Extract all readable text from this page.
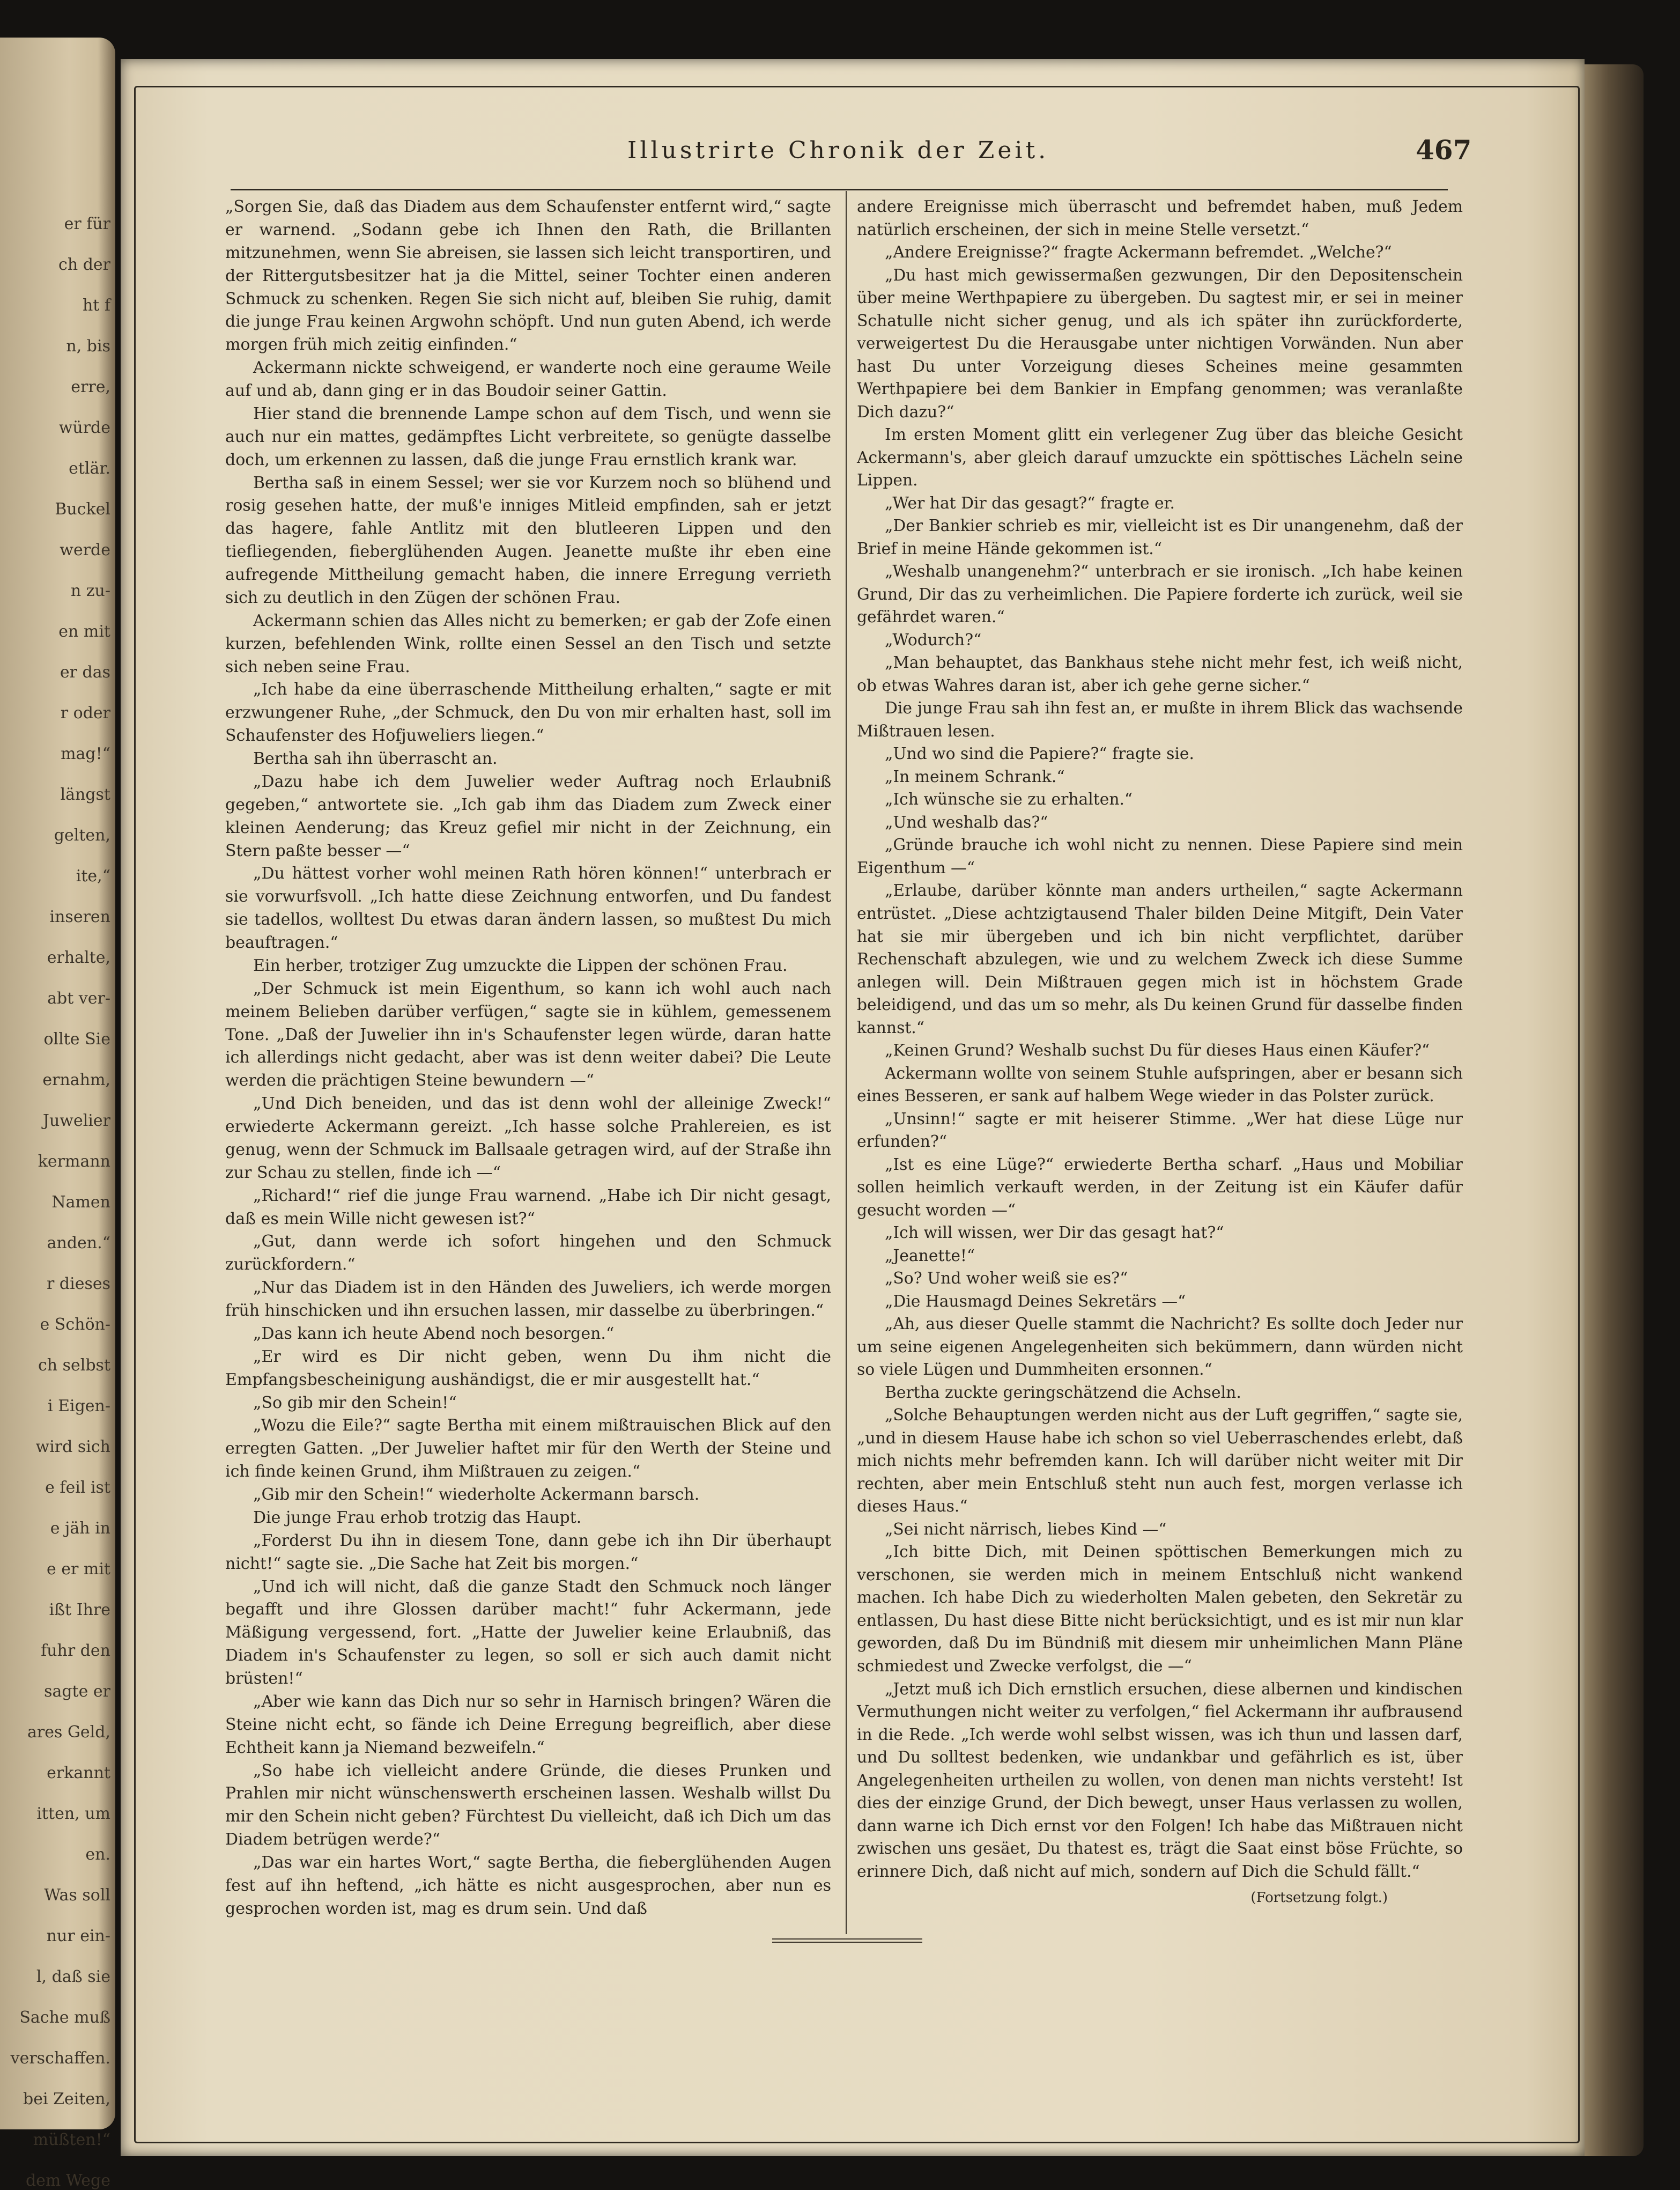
er für
ch der
ht f
n, bis
erre,
würde
etlär.
Buckel
werde
n zu-
en mit
er das
r oder
mag!“
längst
gelten,
ite,“
inseren
erhalte,
abt ver-
ollte Sie
ernahm,
Juwelier
kermann
Namen
anden.“
r dieses
e Schön-
ch selbst
i Eigen-
wird sich
e feil ist
e jäh in
e er mit
ißt Ihre
fuhr den
sagte er
ares Geld,
erkannt
itten, um
en.
Was soll
nur ein-
l, daß sie
Sache muß
verschaffen.
bei Zeiten,
müßten!“
dem Wege
Illustrirte Chronik der Zeit.	467

„Sorgen Sie, daß das Diadem aus dem Schaufenster entfernt wird,“ sagte er warnend. „Sodann gebe ich Ihnen den Rath, die Brillanten mitzunehmen, wenn Sie abreisen, sie lassen sich leicht transportiren, und der Rittergutsbesitzer hat ja die Mittel, seiner Tochter einen anderen Schmuck zu schenken. Regen Sie sich nicht auf, bleiben Sie ruhig, damit die junge Frau keinen Argwohn schöpft. Und nun guten Abend, ich werde morgen früh mich zeitig einfinden.“

Ackermann nickte schweigend, er wanderte noch eine geraume Weile auf und ab, dann ging er in das Boudoir seiner Gattin.

Hier stand die brennende Lampe schon auf dem Tisch, und wenn sie auch nur ein mattes, gedämpftes Licht verbreitete, so genügte dasselbe doch, um erkennen zu lassen, daß die junge Frau ernstlich krank war.

Bertha saß in einem Sessel; wer sie vor Kurzem noch so blühend und rosig gesehen hatte, der muß'e inniges Mitleid empfinden, sah er jetzt das hagere, fahle Antlitz mit den blutleeren Lippen und den tiefliegenden, fieberglühenden Augen. Jeanette mußte ihr eben eine aufregende Mittheilung gemacht haben, die innere Erregung verrieth sich zu deutlich in den Zügen der schönen Frau.

Ackermann schien das Alles nicht zu bemerken; er gab der Zofe einen kurzen, befehlenden Wink, rollte einen Sessel an den Tisch und setzte sich neben seine Frau.

„Ich habe da eine überraschende Mittheilung erhalten,“ sagte er mit erzwungener Ruhe, „der Schmuck, den Du von mir erhalten hast, soll im Schaufenster des Hofjuweliers liegen.“

Bertha sah ihn überrascht an.

„Dazu habe ich dem Juwelier weder Auftrag noch Erlaubniß gegeben,“ antwortete sie. „Ich gab ihm das Diadem zum Zweck einer kleinen Aenderung; das Kreuz gefiel mir nicht in der Zeichnung, ein Stern paßte besser —“

„Du hättest vorher wohl meinen Rath hören können!“ unterbrach er sie vorwurfsvoll. „Ich hatte diese Zeichnung entworfen, und Du fandest sie tadellos, wolltest Du etwas daran ändern lassen, so mußtest Du mich beauftragen.“

Ein herber, trotziger Zug umzuckte die Lippen der schönen Frau.

„Der Schmuck ist mein Eigenthum, so kann ich wohl auch nach meinem Belieben darüber verfügen,“ sagte sie in kühlem, gemessenem Tone. „Daß der Juwelier ihn in's Schaufenster legen würde, daran hatte ich allerdings nicht gedacht, aber was ist denn weiter dabei? Die Leute werden die prächtigen Steine bewundern —“

„Und Dich beneiden, und das ist denn wohl der alleinige Zweck!“ erwiederte Ackermann gereizt. „Ich hasse solche Prahlereien, es ist genug, wenn der Schmuck im Ballsaale getragen wird, auf der Straße ihn zur Schau zu stellen, finde ich —“

„Richard!“ rief die junge Frau warnend. „Habe ich Dir nicht gesagt, daß es mein Wille nicht gewesen ist?“

„Gut, dann werde ich sofort hingehen und den Schmuck zurückfordern.“

„Nur das Diadem ist in den Händen des Juweliers, ich werde morgen früh hinschicken und ihn ersuchen lassen, mir dasselbe zu überbringen.“

„Das kann ich heute Abend noch besorgen.“

„Er wird es Dir nicht geben, wenn Du ihm nicht die Empfangsbescheinigung aushändigst, die er mir ausgestellt hat.“

„So gib mir den Schein!“

„Wozu die Eile?“ sagte Bertha mit einem mißtrauischen Blick auf den erregten Gatten. „Der Juwelier haftet mir für den Werth der Steine und ich finde keinen Grund, ihm Mißtrauen zu zeigen.“

„Gib mir den Schein!“ wiederholte Ackermann barsch.

Die junge Frau erhob trotzig das Haupt.

„Forderst Du ihn in diesem Tone, dann gebe ich ihn Dir überhaupt nicht!“ sagte sie. „Die Sache hat Zeit bis morgen.“

„Und ich will nicht, daß die ganze Stadt den Schmuck noch länger begafft und ihre Glossen darüber macht!“ fuhr Ackermann, jede Mäßigung vergessend, fort. „Hatte der Juwelier keine Erlaubniß, das Diadem in's Schaufenster zu legen, so soll er sich auch damit nicht brüsten!“

„Aber wie kann das Dich nur so sehr in Harnisch bringen? Wären die Steine nicht echt, so fände ich Deine Erregung begreiflich, aber diese Echtheit kann ja Niemand bezweifeln.“

„So habe ich vielleicht andere Gründe, die dieses Prunken und Prahlen mir nicht wünschenswerth erscheinen lassen. Weshalb willst Du mir den Schein nicht geben? Fürchtest Du vielleicht, daß ich Dich um das Diadem betrügen werde?“

„Das war ein hartes Wort,“ sagte Bertha, die fieberglühenden Augen fest auf ihn heftend, „ich hätte es nicht ausgesprochen, aber nun es gesprochen worden ist, mag es drum sein. Und daß

andere Ereignisse mich überrascht und befremdet haben, muß Jedem natürlich erscheinen, der sich in meine Stelle versetzt.“

„Andere Ereignisse?“ fragte Ackermann befremdet. „Welche?“

„Du hast mich gewissermaßen gezwungen, Dir den Depositenschein über meine Werthpapiere zu übergeben. Du sagtest mir, er sei in meiner Schatulle nicht sicher genug, und als ich später ihn zurückforderte, verweigertest Du die Herausgabe unter nichtigen Vorwänden. Nun aber hast Du unter Vorzeigung dieses Scheines meine gesammten Werthpapiere bei dem Bankier in Empfang genommen; was veranlaßte Dich dazu?“

Im ersten Moment glitt ein verlegener Zug über das bleiche Gesicht Ackermann's, aber gleich darauf umzuckte ein spöttisches Lächeln seine Lippen.

„Wer hat Dir das gesagt?“ fragte er.

„Der Bankier schrieb es mir, vielleicht ist es Dir unangenehm, daß der Brief in meine Hände gekommen ist.“

„Weshalb unangenehm?“ unterbrach er sie ironisch. „Ich habe keinen Grund, Dir das zu verheimlichen. Die Papiere forderte ich zurück, weil sie gefährdet waren.“

„Wodurch?“

„Man behauptet, das Bankhaus stehe nicht mehr fest, ich weiß nicht, ob etwas Wahres daran ist, aber ich gehe gerne sicher.“

Die junge Frau sah ihn fest an, er mußte in ihrem Blick das wachsende Mißtrauen lesen.

„Und wo sind die Papiere?“ fragte sie.

„In meinem Schrank.“

„Ich wünsche sie zu erhalten.“

„Und weshalb das?“

„Gründe brauche ich wohl nicht zu nennen. Diese Papiere sind mein Eigenthum —“

„Erlaube, darüber könnte man anders urtheilen,“ sagte Ackermann entrüstet. „Diese achtzigtausend Thaler bilden Deine Mitgift, Dein Vater hat sie mir übergeben und ich bin nicht verpflichtet, darüber Rechenschaft abzulegen, wie und zu welchem Zweck ich diese Summe anlegen will. Dein Mißtrauen gegen mich ist in höchstem Grade beleidigend, und das um so mehr, als Du keinen Grund für dasselbe finden kannst.“

„Keinen Grund? Weshalb suchst Du für dieses Haus einen Käufer?“

Ackermann wollte von seinem Stuhle aufspringen, aber er besann sich eines Besseren, er sank auf halbem Wege wieder in das Polster zurück.

„Unsinn!“ sagte er mit heiserer Stimme. „Wer hat diese Lüge nur erfunden?“

„Ist es eine Lüge?“ erwiederte Bertha scharf. „Haus und Mobiliar sollen heimlich verkauft werden, in der Zeitung ist ein Käufer dafür gesucht worden —“

„Ich will wissen, wer Dir das gesagt hat?“

„Jeanette!“

„So? Und woher weiß sie es?“

„Die Hausmagd Deines Sekretärs —“

„Ah, aus dieser Quelle stammt die Nachricht? Es sollte doch Jeder nur um seine eigenen Angelegenheiten sich bekümmern, dann würden nicht so viele Lügen und Dummheiten ersonnen.“

Bertha zuckte geringschätzend die Achseln.

„Solche Behauptungen werden nicht aus der Luft gegriffen,“ sagte sie, „und in diesem Hause habe ich schon so viel Ueberraschendes erlebt, daß mich nichts mehr befremden kann. Ich will darüber nicht weiter mit Dir rechten, aber mein Entschluß steht nun auch fest, morgen verlasse ich dieses Haus.“

„Sei nicht närrisch, liebes Kind —“

„Ich bitte Dich, mit Deinen spöttischen Bemerkungen mich zu verschonen, sie werden mich in meinem Entschluß nicht wankend machen. Ich habe Dich zu wiederholten Malen gebeten, den Sekretär zu entlassen, Du hast diese Bitte nicht berücksichtigt, und es ist mir nun klar geworden, daß Du im Bündniß mit diesem mir unheimlichen Mann Pläne schmiedest und Zwecke verfolgst, die —“

„Jetzt muß ich Dich ernstlich ersuchen, diese albernen und kindischen Vermuthungen nicht weiter zu verfolgen,“ fiel Ackermann ihr aufbrausend in die Rede. „Ich werde wohl selbst wissen, was ich thun und lassen darf, und Du solltest bedenken, wie undankbar und gefährlich es ist, über Angelegenheiten urtheilen zu wollen, von denen man nichts versteht! Ist dies der einzige Grund, der Dich bewegt, unser Haus verlassen zu wollen, dann warne ich Dich ernst vor den Folgen! Ich habe das Mißtrauen nicht zwischen uns gesäet, Du thatest es, trägt die Saat einst böse Früchte, so erinnere Dich, daß nicht auf mich, sondern auf Dich die Schuld fällt.“

(Fortsetzung folgt.)
